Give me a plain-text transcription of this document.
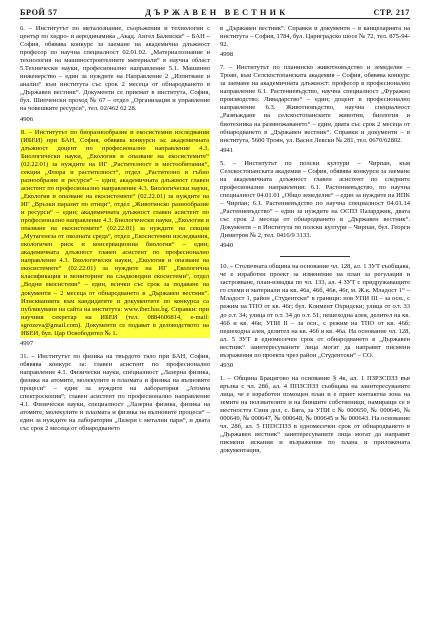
БРОЙ 57	Д Ъ Р Ж А В Е Н   В Е С Т Н И К	СТР. 217

6. – Институтът по металознание, съоръжения и технологии с център по хидро- и аеродинамика „Акад. Ангел Балевски“ – БАН – София, обявява конкурс за заемане на академична длъжност професор по научна специалност 02.01.02. „Материалознание и технология на машиностроителните материали“ в научна област 5.Технически науки, професионално направление 5.1. Машинно инженерство – един за нуждите на Направление 2 „Изпитване и анализ“ към института със срок 2 месеца от обнародването в „Държавен вестник“. Документи се приемат в института, София, бул. Шипченски проход № 67 – отдел „Организация и управление на човешките ресурси“, тел. 02/462 62 28.

4906

8. – Институтът по биоразнообразие и екосистемни изследвания (ИБЕИ) при БАН, София, обявява конкурси за: академичната длъжност доцент по професионално направление 4.3. Биологически науки, „Екология и опазване на екосистемите“ (02.22.01) за нуждите на ИГ „Растителност и местообитания“, секция „Флора и растителност“, отдел „Растително и гъбно разнообразие и ресурси“ – един; академичната длъжност главен асистент по професионално направление 4.3. Биологически науки, „Екология и опазване на екосистемите“ (02.22.01) за нуждите на ИГ „Връзки паразит по птици“, отдел „Животинско разнообразие и ресурси“ – един; академичната длъжност главен асистент по професионално направление 4.3. Биологически науки, „Екология и опазване на екосистемите“ (02.22.01) за нуждите на секция „Мутагенеза от околната среда“, отдел „Екосистемни изследвания, екологичен риск и консервационна биология“ – един; академичната длъжност главен асистент по професионално направление 4.3. Биологически науки, „Екология и опазване на екосистемите“ (02.22.01) за нуждите на ИГ „Екологична класификация и мониторинг на сладководни екосистеми“, отдел „Водни екосистеми“ – един, всички със срок за подаване на документи – 2 месеца от обнародването в „Държавен вестник“. Изискванията към кандидатите и документите по конкурса са публикувани на сайта на института: www.iber.bas.bg. Справки: при научния секретар на ИБЕИ (тел. 0884606814, e-mail: sgrozeva@gmail.com). Документи се подават в деловодството на ИБЕИ, бул. Цар Освободител № 1.

4997

31. – Институтът по физика на твърдото тяло при БАН, София, обявява конкурс за: главен асистент по професионално направление 4.1. Физически науки, специалност „Лазерна физика, физика на атомите, молекулите и плазмата и физика на вълновите процеси“ – един за нуждите на лаборатория „Атомна спектроскопия“; главен асистент по професионално направление 4.1. Физически науки, специалност „Лазерна физика, физика на атомите, молекулите и плазмата и физика на вълновите процеси“ – един за нуждите на лаборатория „Лазери с метални пари“, и двата със срок 2 месеца от обнародването

в „Държавен вестник“. Справки и документи – в канцеларията на института – София, 1784, бул. Цариградско шосе № 72, тел. 875-94-92.

4998

7. – Институтът по планинско животновъдство и земеделие – Троян, към Селскостопанската академия – София, обявява конкурс за заемане на академичната длъжност: професор в професионално направление 6.1. Растениевъдство, научна специалност „Фуражно производство. Ливадарство“ – един; доцент в професионално направление 6.3. Животновъдство, научна специалност „Развъждане на селскостопанските животни, биология и биотехника на размножаването“ – един, двата със срок 2 месеца от обнародването в „Държавен вестник“. Справки и документи – в института, 5600 Троян, ул. Васил Левски № 281, тел. 0670/62802.

4941

5. – Институтът по полски култури – Чирпан, към Селскостопанската академия – София, обявява конкурси за заемане на академичната длъжност главен асистент по следните професионални направления: 6.1. Растениевъдство, по научна специалност 04.01.01 „Общо земеделие“ – един за нуждите на ИПК – Чирпан; 6.1. Растениевъдство по научна специалност 04.01.14 „Растениевъдство“ – един за нуждите на ОСПЗ Пазарджик, двата със срок 2 месеца от обнародването в „Държавен вестник“. Документи – в Института по полски култури – Чирпан, бул. Георги Димитров № 2, тел. 0416/9 3133.

4940

10. – Столичната община на основание чл. 128, ал. 1 ЗУТ съобщава, че е изработен проект за изменение на план за регулация и застрояване, план-извадка по чл. 133, ал. 4 ЗУТ с придружаващите го схеми и материали на кв. 46а, 46б, 46в, 46г, м. Ж.к. Младост 1“ – Младост 1, район „Студентски“ в граници: нов УПИ III – за осн., с режим на ТПО от кв. 46г; бул. Климент Охридски; улица от о.т. 33 до о.т. 34; улица от о.т. 34 до о.т. 51; пешеходна алея, делител на кв. 46б и кв. 46в, УПИ II – за осн., с режим на ТПО от кв. 46б; пешеходна алея, делител на кв. 46б и кв. 46а. На основание чл. 128, ал. 5 ЗУТ в едномесечен срок от обнародването в „Държавен вестник“ заинтересуваните лица могат да направят писмени възражения по проекта чрез район „Студентски“ – СО.

4930

1. – Община Брацигово на основание § 4к, ал. 1 ПЗРЗСПЗЗ във връзка с чл. 28б, ал. 4 ППЗСПЗЗ съобщава на заинтересуваните лица, че е изработен помощен план и е приет контактна зона на земите на ползвателите и на бившите собственици, намиращи се в местността Синя дол, с. Бяга, за УПИ с № 000650, № 000646, № 000649, № 000647, № 000648, № 000645 и № 000643. На основание чл. 28б, ал. 5 ППЗСПЗЗ в едномесечен срок от обнародването в „Държавен вестник“ заинтересуваните лица могат да направят писмени искания и възражения по плана и приложената документация,
